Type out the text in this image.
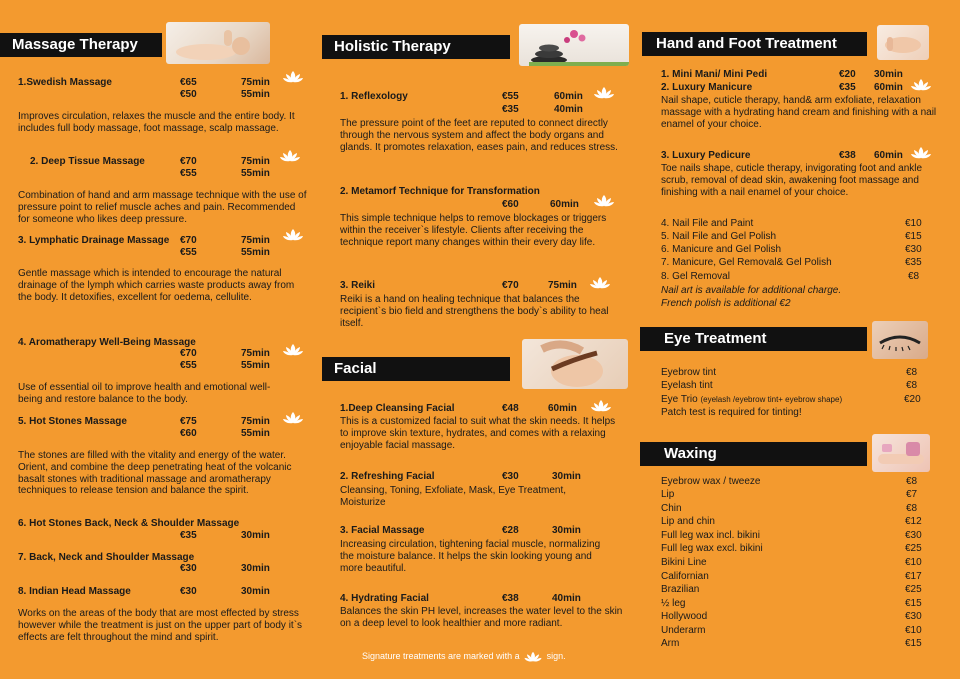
Massage Therapy
1.Swedish Massage	€65	75min
€50	55min
Improves circulation, relaxes the muscle and the entire body. It includes full body massage, foot massage, scalp massage.
2. Deep Tissue Massage	€70	75min
€55	55min
Combination of hand and arm massage technique with the use of pressure point to relief muscle aches and pain. Recommended for someone who likes deep pressure.
3. Lymphatic Drainage Massage €70	75min
€55	55min
Gentle massage which is intended to encourage the natural drainage of the lymph which carries waste products away from the body. It detoxifies, excellent for oedema, cellulite.
4. Aromatherapy Well-Being Massage
€70	75min
€55	55min
Use of essential oil to improve health and emotional well-being and restore balance to the body.
5. Hot Stones Massage	€75	75min
€60	55min
The stones are filled with the vitality and energy of the water. Orient, and combine the deep penetrating heat of the volcanic basalt stones with traditional massage and aromatherapy techniques to release tension and balance the spirit.
6. Hot Stones Back, Neck & Shoulder Massage
€35	30min
7. Back, Neck and Shoulder Massage
€30	30min
8. Indian Head Massage	€30	30min
Works on the areas of the body that are most effected by stress however while the treatment is just on the upper part of body it`s effects are felt throughout the mind and spirit.
Holistic Therapy
1. Reflexology	€55	60min
€35	40min
The pressure point of the feet are reputed to connect directly through the nervous system and affect the body organs and glands. It promotes relaxation, eases pain, and reduces stress.
2. Metamorf Technique for Transformation
€60	60min
This simple technique helps to remove blockages or triggers within the receiver`s lifestyle. Clients after receiving the technique report many changes within their every day life.
3. Reiki	€70	75min
Reiki is a hand on healing technique that balances the recipient`s bio field and strengthens the body`s ability to heal itself.
Facial
1.Deep Cleansing Facial	€48	60min
This is a customized facial to suit what the skin needs. It helps to improve skin texture, hydrates, and comes with a relaxing enjoyable facial massage.
2. Refreshing Facial	€30	30min
Cleansing, Toning, Exfoliate, Mask, Eye Treatment, Moisturize
3. Facial Massage	€28	30min
Increasing circulation, tightening facial muscle, normalizing the moisture balance. It helps the skin looking young and more beautiful.
4. Hydrating Facial	€38	40min
Balances the skin PH level, increases the water level to the skin on a deep level to look healthier and more radiant.
Signature treatments are marked with a	sign.
Hand and Foot Treatment
1. Mini Mani/ Mini Pedi	€20 30min
2. Luxury Manicure	€35 60min
Nail shape, cuticle therapy, hand& arm exfoliate, relaxation massage with a hydrating hand cream and finishing with a nail enamel of your choice.
3. Luxury Pedicure	€38 60min
Toe nails shape, cuticle therapy, invigorating foot and ankle scrub, removal of dead skin, awakening foot massage and finishing with a nail enamel of your choice.
4. Nail File and Paint	€10
5. Nail File and Gel Polish	€15
6. Manicure and Gel Polish	€30
7. Manicure, Gel Removal& Gel Polish	€35
8. Gel Removal	€8
Nail art is available for additional charge.
French polish is additional €2
Eye Treatment
Eyebrow tint	€8
Eyelash tint	€8
Eye Trio (eyelash /eyebrow tint+ eyebrow shape)	€20
Patch test is required for tinting!
Waxing
Eyebrow wax / tweeze	€8
Lip	€7
Chin	€8
Lip and chin	€12
Full leg wax incl. bikini	€30
Full leg wax excl. bikini	€25
Bikini Line	€10
Californian	€17
Brazilian	€25
½ leg	€15
Hollywood	€30
Underarm	€10
Arm	€15
